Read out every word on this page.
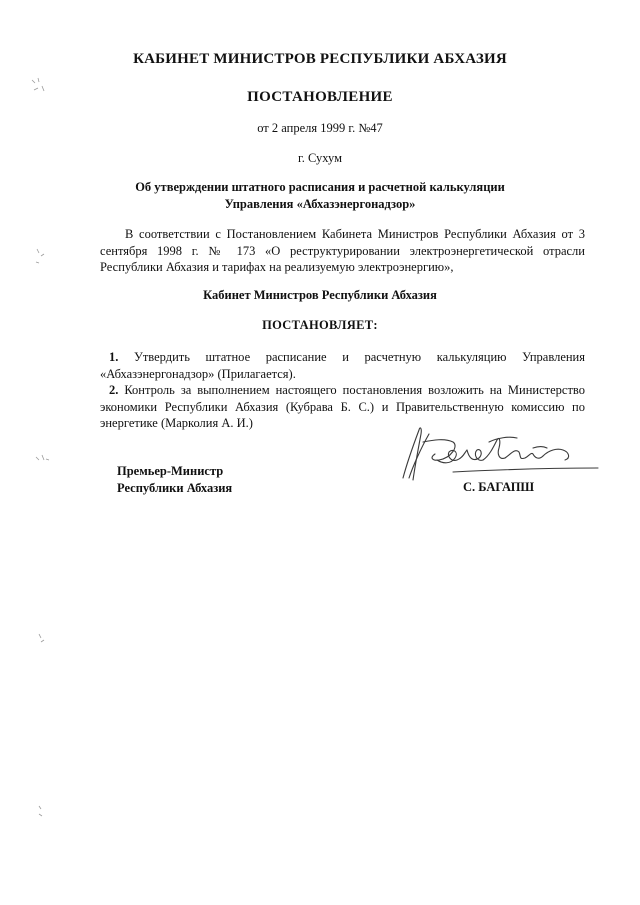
КАБИНЕТ МИНИСТРОВ РЕСПУБЛИКИ АБХАЗИЯ
ПОСТАНОВЛЕНИЕ
от 2 апреля 1999 г. №47
г. Сухум
Об утверждении штатного расписания и расчетной калькуляции
Управления «Абхазэнергонадзор»
В соответствии с Постановлением Кабинета Министров Республики Абхазия от 3 сентября 1998 г. № 173 «О реструктурировании электроэнергетической отрасли Республики Абхазия и тарифах на реализуемую электроэнергию»,
Кабинет Министров Республики Абхазия
ПОСТАНОВЛЯЕТ:

1. Утвердить штатное расписание и расчетную калькуляцию Управления «Абхазэнергонадзор» (Прилагается).

2. Контроль за выполнением настоящего постановления возложить на Министерство экономики Республики Абхазия (Кубрава Б. С.) и Правительственную комиссию по энергетике (Марколия А. И.)

Премьер-Министр
Республики Абхазия	С. БАГАПШ
